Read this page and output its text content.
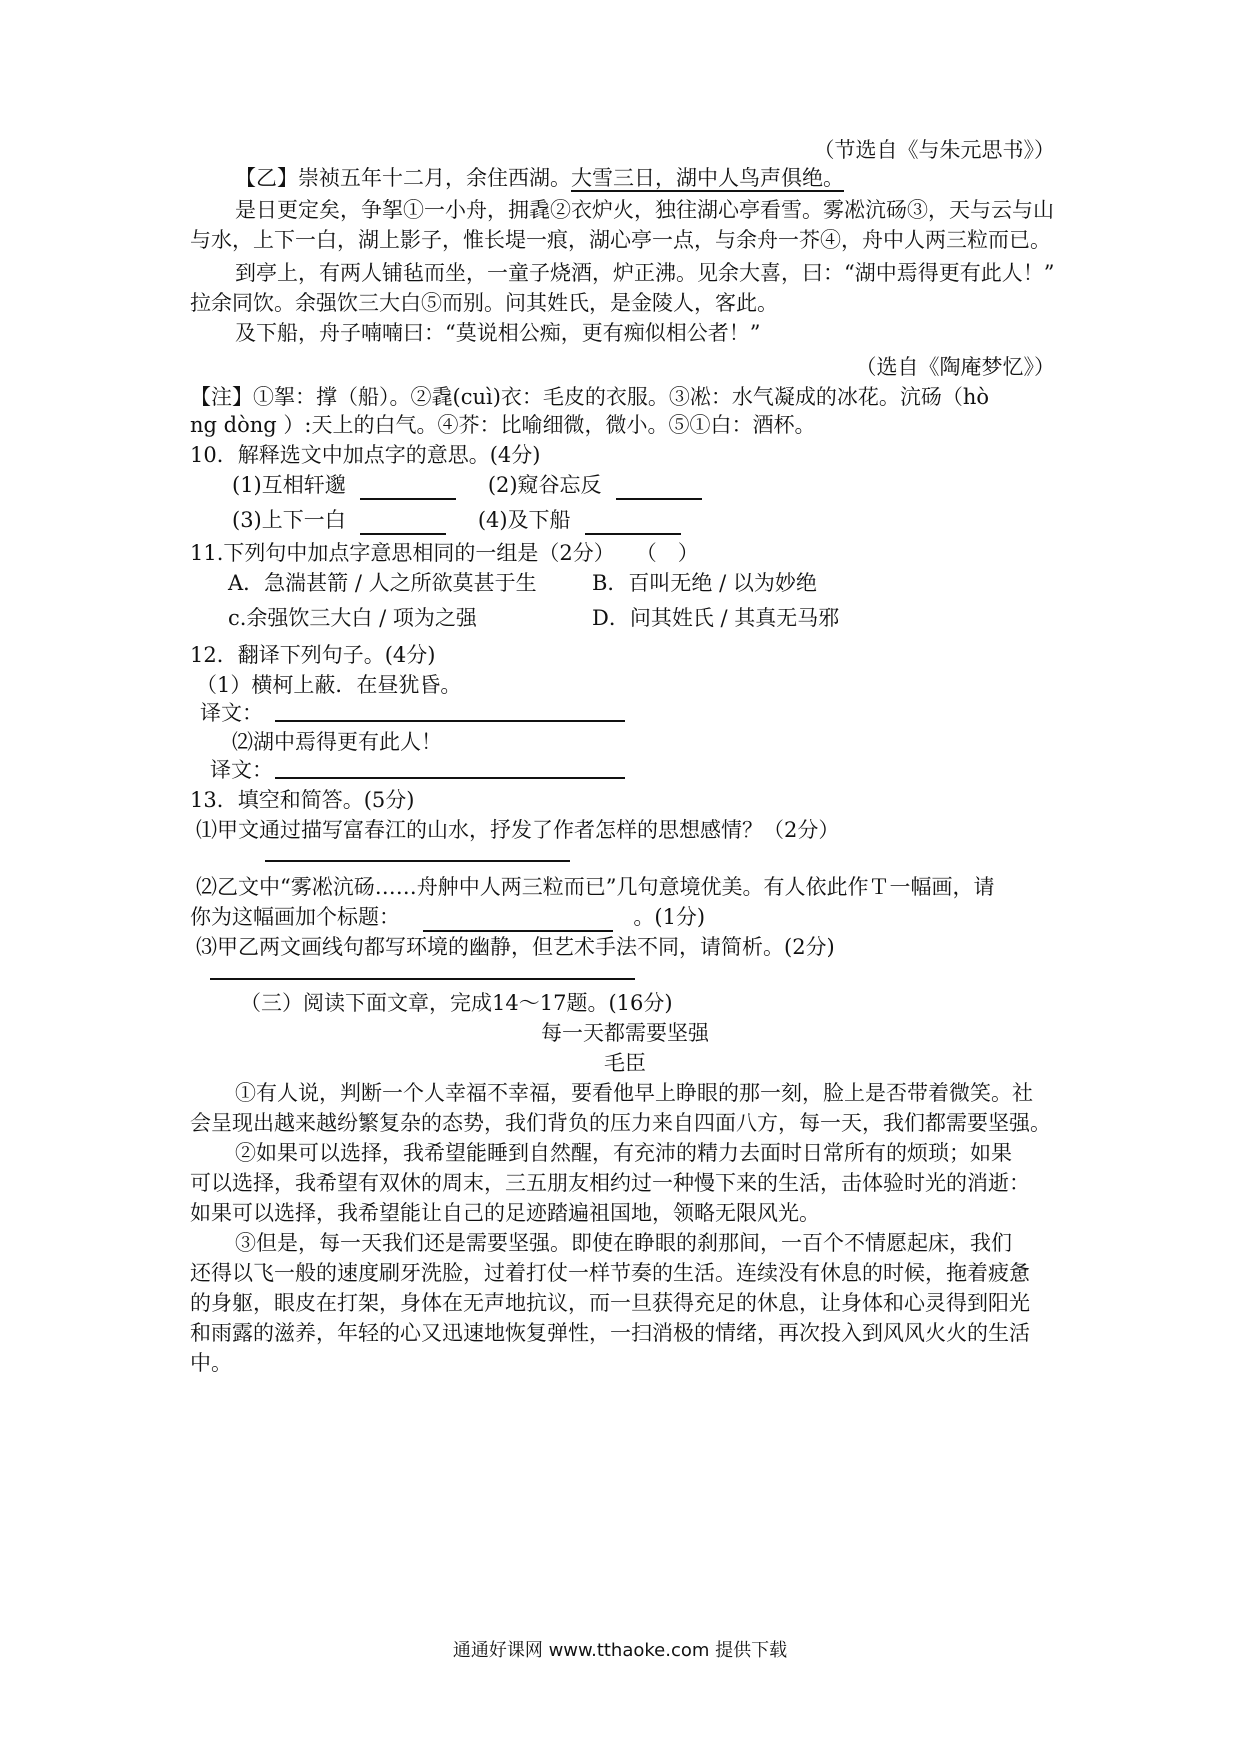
（节选自《与朱元思书》）
【乙】崇祯五年十二月，余住西湖。大雪三日，湖中人鸟声俱绝。
是日更定矣，争挐①一小舟，拥毳②衣炉火，独往湖心亭看雪。雾凇沆砀③，天与云与山
与水，上下一白，湖上影子，惟长堤一痕，湖心亭一点，与余舟一芥④，舟中人两三粒而已。
到亭上，有两人铺毡而坐，一童子烧酒，炉正沸。见余大喜，曰：“湖中焉得更有此人！”
拉余同饮。余强饮三大白⑤而别。问其姓氏，是金陵人，客此。
及下船，舟子喃喃曰：“莫说相公痴，更有痴似相公者！”
（选自《陶庵梦忆》）
【注】①挐：撑（船）。②毳(cuì)衣：毛皮的衣服。③凇：水气凝成的冰花。沆砀（hò
ng dòng ）:天上的白气。④芥：比喻细微，微小。⑤①白：酒杯。
10．解释选文中加点字的意思。(4分)
(1)互相轩邈	(2)窥谷忘反
(3)上下一白	(4)及下船
11.下列句中加点字意思相同的一组是（2分）　　（　）
A．急湍甚箭 / 人之所欲莫甚于生	B．百叫无绝 / 以为妙绝
c.余强饮三大白 / 项为之强	D．问其姓氏 / 其真无马邪
12．翻译下列句子。(4分)
（1）横柯上蔽．在昼犹昏。
译文：
⑵湖中焉得更有此人！
译文：
13．填空和简答。(5分)
⑴甲文通过描写富春江的山水，抒发了作者怎样的思想感情？（2分）
⑵乙文中“雾凇沆砀……舟舯中人两三粒而已”几句意境优美。有人依此作Ｔ一幅画，请
你为这幅画加个标题：	。(1分)
⑶甲乙两文画线句都写环境的幽静，但艺术手法不同，请简析。(2分)
（三）阅读下面文章，完成14～17题。(16分)
每一天都需要坚强
毛臣
①有人说，判断一个人幸福不幸福，要看他早上睁眼的那一刻，脸上是否带着微笑。社
会呈现出越来越纷繁复杂的态势，我们背负的压力来自四面八方，每一天，我们都需要坚强。
②如果可以选择，我希望能睡到自然醒，有充沛的精力去面时日常所有的烦琐；如果
可以选择，我希望有双休的周末，三五朋友相约过一种慢下来的生活，击体验时光的消逝：
如果可以选择，我希望能让自己的足迹踏遍祖国地，领略无限风光。
③但是，每一天我们还是需要坚强。即使在睁眼的刹那间，一百个不情愿起床，我们
还得以飞一般的速度刷牙洗脸，过着打仗一样节奏的生活。连续没有休息的时候，拖着疲惫
的身躯，眼皮在打架，身体在无声地抗议，而一旦获得充足的休息，让身体和心灵得到阳光
和雨露的滋养，年轻的心又迅速地恢复弹性，一扫消极的情绪，再次投入到风风火火的生活
中。
通通好课网 www.tthaoke.com 提供下载
